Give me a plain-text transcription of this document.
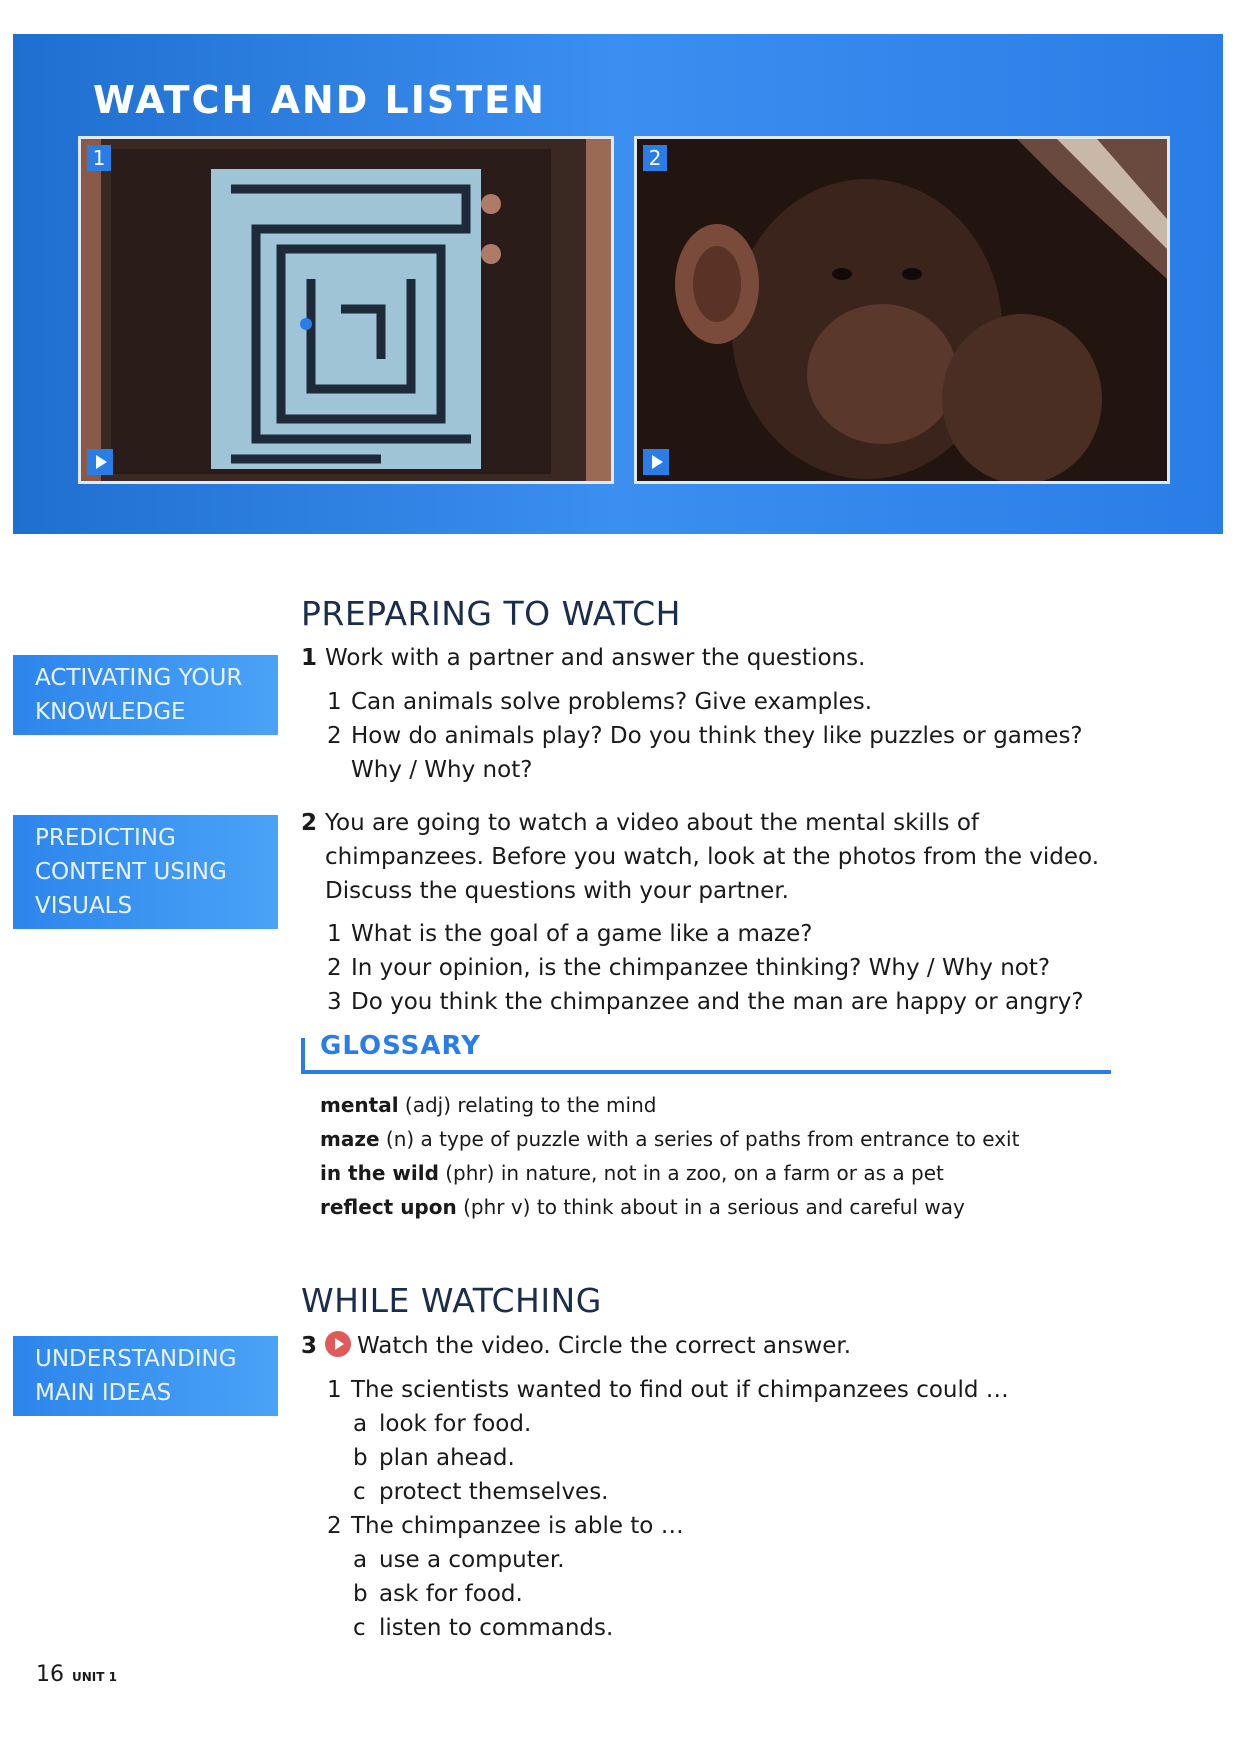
WATCH AND LISTEN
1	2
ACTIVATING YOUR KNOWLEDGE
PREDICTING CONTENT USING VISUALS
UNDERSTANDING MAIN IDEAS
PREPARING TO WATCH
1 Work with a partner and answer the questions.
1 Can animals solve problems? Give examples.
2 How do animals play? Do you think they like puzzles or games?
Why / Why not?
2 You are going to watch a video about the mental skills of
chimpanzees. Before you watch, look at the photos from the video.
Discuss the questions with your partner.
1 What is the goal of a game like a maze?
2 In your opinion, is the chimpanzee thinking? Why / Why not?
3 Do you think the chimpanzee and the man are happy or angry?
GLOSSARY
mental (adj) relating to the mind
maze (n) a type of puzzle with a series of paths from entrance to exit
in the wild (phr) in nature, not in a zoo, on a farm or as a pet
reflect upon (phr v) to think about in a serious and careful way
WHILE WATCHING
3 Watch the video. Circle the correct answer.
1 The scientists wanted to find out if chimpanzees could …
a look for food.
b plan ahead.
c protect themselves.
2 The chimpanzee is able to …
a use a computer.
b ask for food.
c listen to commands.
16 UNIT 1
